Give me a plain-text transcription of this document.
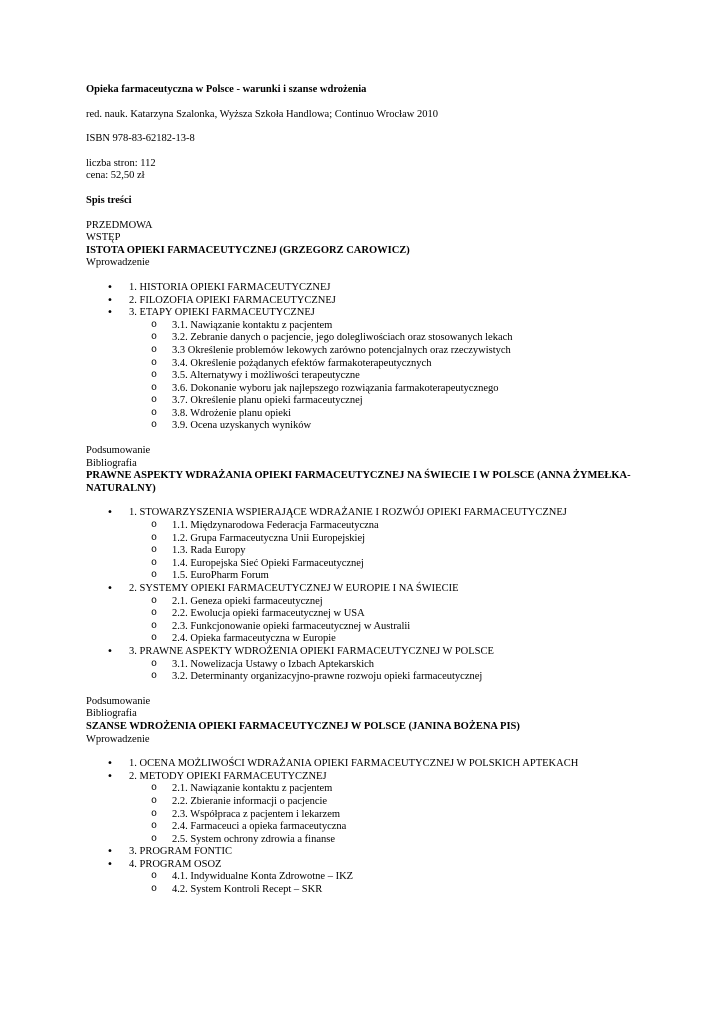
Opieka farmaceutyczna w Polsce - warunki i szanse wdrożenia
red. nauk. Katarzyna Szalonka, Wyższa Szkoła Handlowa; Continuo Wrocław 2010
ISBN 978-83-62182-13-8
liczba stron: 112
cena: 52,50 zł
Spis treści
PRZEDMOWA
WSTĘP
ISTOTA OPIEKI FARMACEUTYCZNEJ (GRZEGORZ CAROWICZ)
Wprowadzenie
• 1. HISTORIA OPIEKI FARMACEUTYCZNEJ
• 2. FILOZOFIA OPIEKI FARMACEUTYCZNEJ
• 3. ETAPY OPIEKI FARMACEUTYCZNEJ
o 3.1. Nawiązanie kontaktu z pacjentem
o 3.2. Zebranie danych o pacjencie, jego dolegliwościach oraz stosowanych lekach
o 3.3 Określenie problemów lekowych zarówno potencjalnych oraz rzeczywistych
o 3.4. Określenie pożądanych efektów farmakoterapeutycznych
o 3.5. Alternatywy i możliwości terapeutyczne
o 3.6. Dokonanie wyboru jak najlepszego rozwiązania farmakoterapeutycznego
o 3.7. Określenie planu opieki farmaceutycznej
o 3.8. Wdrożenie planu opieki
o 3.9. Ocena uzyskanych wyników
Podsumowanie
Bibliografia
PRAWNE ASPEKTY WDRAŻANIA OPIEKI FARMACEUTYCZNEJ NA ŚWIECIE I W POLSCE (ANNA ŻYMEŁKA-NATURALNY)
• 1. STOWARZYSZENIA WSPIERAJĄCE WDRAŻANIE I ROZWÓJ OPIEKI FARMACEUTYCZNEJ
o 1.1. Międzynarodowa Federacja Farmaceutyczna
o 1.2. Grupa Farmaceutyczna Unii Europejskiej
o 1.3. Rada Europy
o 1.4. Europejska Sieć Opieki Farmaceutycznej
o 1.5. EuroPharm Forum
• 2. SYSTEMY OPIEKI FARMACEUTYCZNEJ W EUROPIE I NA ŚWIECIE
o 2.1. Geneza opieki farmaceutycznej
o 2.2. Ewolucja opieki farmaceutycznej w USA
o 2.3. Funkcjonowanie opieki farmaceutycznej w Australii
o 2.4. Opieka farmaceutyczna w Europie
• 3. PRAWNE ASPEKTY WDROŻENIA OPIEKI FARMACEUTYCZNEJ W POLSCE
o 3.1. Nowelizacja Ustawy o Izbach Aptekarskich
o 3.2. Determinanty organizacyjno-prawne rozwoju opieki farmaceutycznej
Podsumowanie
Bibliografia
SZANSE WDROŻENIA OPIEKI FARMACEUTYCZNEJ W POLSCE (JANINA BOŻENA PIS)
Wprowadzenie
• 1. OCENA MOŻLIWOŚCI WDRAŻANIA OPIEKI FARMACEUTYCZNEJ W POLSKICH APTEKACH
• 2. METODY OPIEKI FARMACEUTYCZNEJ
o 2.1. Nawiązanie kontaktu z pacjentem
o 2.2. Zbieranie informacji o pacjencie
o 2.3. Współpraca z pacjentem i lekarzem
o 2.4. Farmaceuci a opieka farmaceutyczna
o 2.5. System ochrony zdrowia a finanse
• 3. PROGRAM FONTIC
• 4. PROGRAM OSOZ
o 4.1. Indywidualne Konta Zdrowotne – IKZ
o 4.2. System Kontroli Recept – SKR
